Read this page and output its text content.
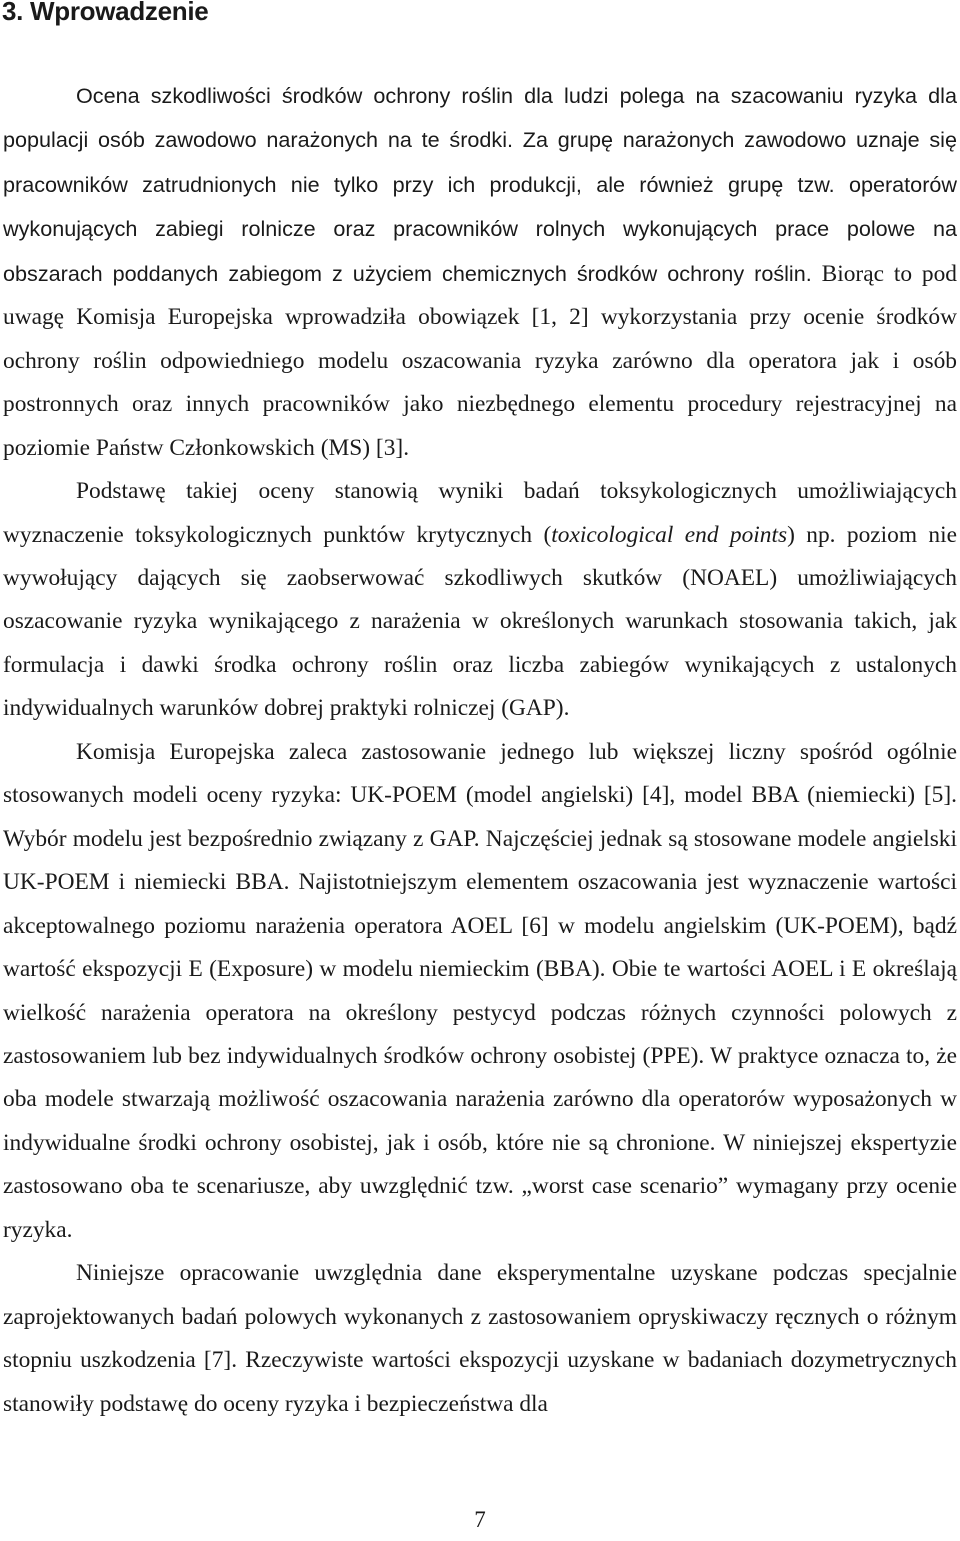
3. Wprowadzenie

Ocena szkodliwości środków ochrony roślin dla ludzi polega na szacowaniu ryzyka dla populacji osób zawodowo narażonych na te środki. Za grupę narażonych zawodowo uznaje się pracowników zatrudnionych nie tylko przy ich produkcji, ale również grupę tzw. operatorów wykonujących zabiegi rolnicze oraz pracowników rolnych wykonujących prace polowe na obszarach poddanych zabiegom z użyciem chemicznych środków ochrony roślin. Biorąc to pod uwagę Komisja Europejska wprowadziła obowiązek [1, 2] wykorzystania przy ocenie środków ochrony roślin odpowiedniego modelu oszacowania ryzyka zarówno dla operatora jak i osób postronnych oraz innych pracowników jako niezbędnego elementu procedury rejestracyjnej na poziomie Państw Członkowskich (MS) [3].

Podstawę takiej oceny stanowią wyniki badań toksykologicznych umożliwiających wyznaczenie toksykologicznych punktów krytycznych (toxicological end points) np. poziom nie wywołujący dających się zaobserwować szkodliwych skutków (NOAEL) umożliwiających oszacowanie ryzyka wynikającego z narażenia w określonych warunkach stosowania takich, jak formulacja i dawki środka ochrony roślin oraz liczba zabiegów wynikających z ustalonych indywidualnych warunków dobrej praktyki rolniczej (GAP).

Komisja Europejska zaleca zastosowanie jednego lub większej liczny spośród ogólnie stosowanych modeli oceny ryzyka: UK-POEM (model angielski) [4], model BBA (niemiecki) [5]. Wybór modelu jest bezpośrednio związany z GAP. Najczęściej jednak są stosowane modele angielski UK-POEM i niemiecki BBA. Najistotniejszym elementem oszacowania jest wyznaczenie wartości akceptowalnego poziomu narażenia operatora AOEL [6] w modelu angielskim (UK-POEM), bądź wartość ekspozycji E (Exposure) w modelu niemieckim (BBA). Obie te wartości AOEL i E określają wielkość narażenia operatora na określony pestycyd podczas różnych czynności polowych z zastosowaniem lub bez indywidualnych środków ochrony osobistej (PPE). W praktyce oznacza to, że oba modele stwarzają możliwość oszacowania narażenia zarówno dla operatorów wyposażonych w indywidualne środki ochrony osobistej, jak i osób, które nie są chronione. W niniejszej ekspertyzie zastosowano oba te scenariusze, aby uwzględnić tzw. „worst case scenario” wymagany przy ocenie ryzyka.

Niniejsze opracowanie uwzględnia dane eksperymentalne uzyskane podczas specjalnie zaprojektowanych badań polowych wykonanych z zastosowaniem opryskiwaczy ręcznych o różnym stopniu uszkodzenia [7]. Rzeczywiste wartości ekspozycji uzyskane w badaniach dozymetrycznych stanowiły podstawę do oceny ryzyka i bezpieczeństwa dla

7
